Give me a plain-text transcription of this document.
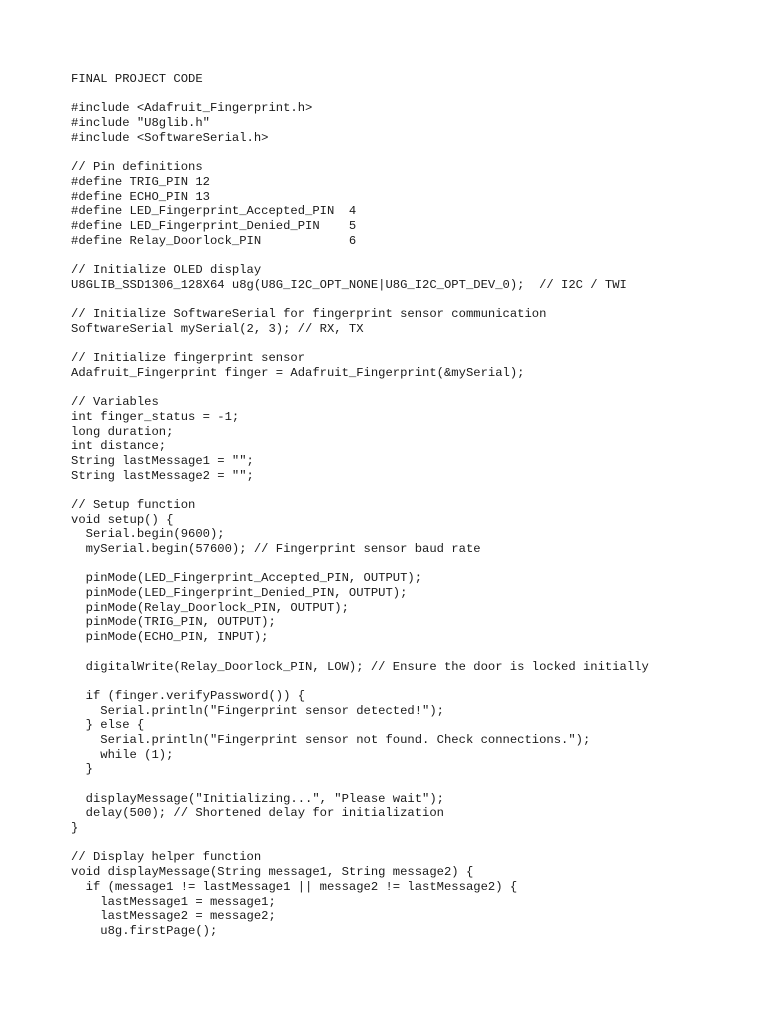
FINAL PROJECT CODE
#include <Adafruit_Fingerprint.h>
#include "U8glib.h"
#include <SoftwareSerial.h>
// Pin definitions
#define TRIG_PIN 12
#define ECHO_PIN 13
#define LED_Fingerprint_Accepted_PIN  4
#define LED_Fingerprint_Denied_PIN    5
#define Relay_Doorlock_PIN            6
// Initialize OLED display
U8GLIB_SSD1306_128X64 u8g(U8G_I2C_OPT_NONE|U8G_I2C_OPT_DEV_0);  // I2C / TWI
// Initialize SoftwareSerial for fingerprint sensor communication
SoftwareSerial mySerial(2, 3); // RX, TX
// Initialize fingerprint sensor
Adafruit_Fingerprint finger = Adafruit_Fingerprint(&mySerial);
// Variables
int finger_status = -1;
long duration;
int distance;
String lastMessage1 = "";
String lastMessage2 = "";
// Setup function
void setup() {
Serial.begin(9600);
mySerial.begin(57600); // Fingerprint sensor baud rate
pinMode(LED_Fingerprint_Accepted_PIN, OUTPUT);
pinMode(LED_Fingerprint_Denied_PIN, OUTPUT);
pinMode(Relay_Doorlock_PIN, OUTPUT);
pinMode(TRIG_PIN, OUTPUT);
pinMode(ECHO_PIN, INPUT);
digitalWrite(Relay_Doorlock_PIN, LOW); // Ensure the door is locked initially
if (finger.verifyPassword()) {
Serial.println("Fingerprint sensor detected!");
} else {
Serial.println("Fingerprint sensor not found. Check connections.");
while (1);
}
displayMessage("Initializing...", "Please wait");
delay(500); // Shortened delay for initialization
}
// Display helper function
void displayMessage(String message1, String message2) {
if (message1 != lastMessage1 || message2 != lastMessage2) {
lastMessage1 = message1;
lastMessage2 = message2;
u8g.firstPage();
